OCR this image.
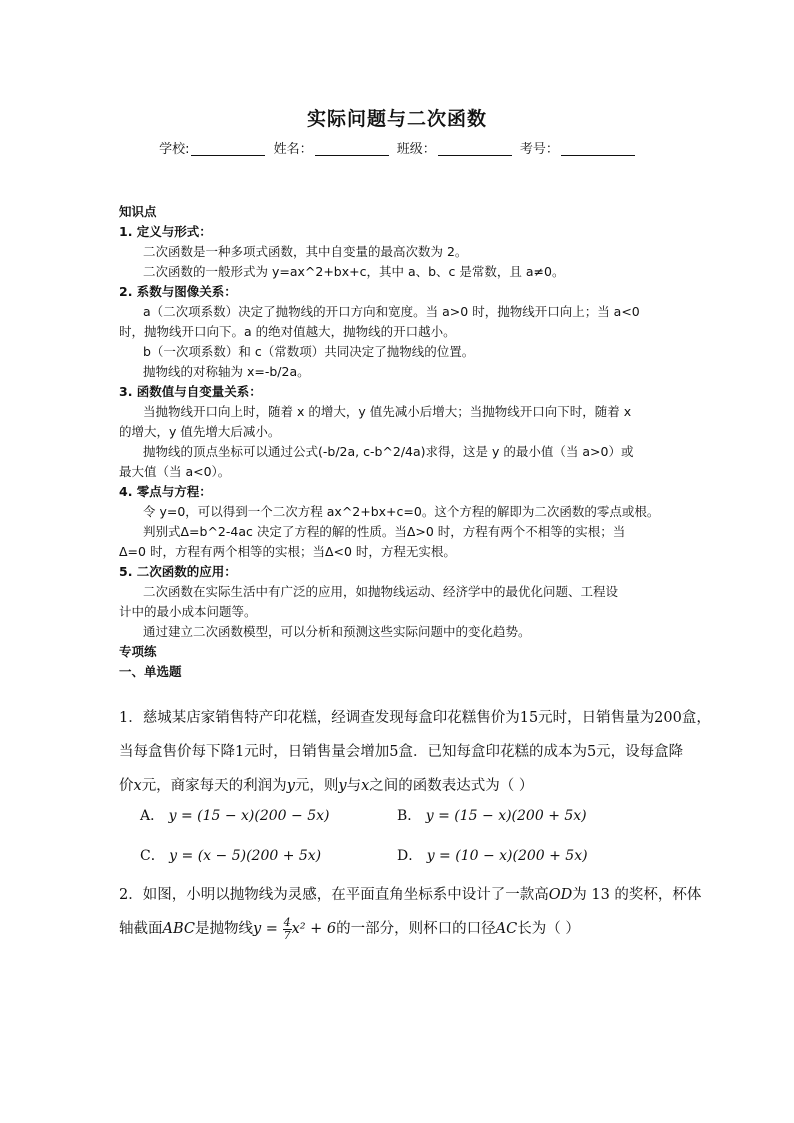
实际问题与二次函数
学校:	姓名：	班级：	考号：
知识点
1. 定义与形式：
二次函数是一种多项式函数，其中自变量的最高次数为 2。
二次函数的一般形式为 y=ax^2+bx+c，其中 a、b、c 是常数，且 a≠0。
2. 系数与图像关系：
a（二次项系数）决定了抛物线的开口方向和宽度。当 a>0 时，抛物线开口向上；当 a<0
时，抛物线开口向下。a 的绝对值越大，抛物线的开口越小。
b（一次项系数）和 c（常数项）共同决定了抛物线的位置。
抛物线的对称轴为 x=-b/2a。
3. 函数值与自变量关系：
当抛物线开口向上时，随着 x 的增大，y 值先减小后增大；当抛物线开口向下时，随着 x
的增大，y 值先增大后减小。
抛物线的顶点坐标可以通过公式(-b/2a, c-b^2/4a)求得，这是 y 的最小值（当 a>0）或
最大值（当 a<0）。
4. 零点与方程：
令 y=0，可以得到一个二次方程 ax^2+bx+c=0。这个方程的解即为二次函数的零点或根。
判别式Δ=b^2-4ac 决定了方程的解的性质。当Δ>0 时，方程有两个不相等的实根；当
Δ=0 时，方程有两个相等的实根；当Δ<0 时，方程无实根。
5. 二次函数的应用：
二次函数在实际生活中有广泛的应用，如抛物线运动、经济学中的最优化问题、工程设
计中的最小成本问题等。
通过建立二次函数模型，可以分析和预测这些实际问题中的变化趋势。
专项练
一、单选题
1．慈城某店家销售特产印花糕，经调查发现每盒印花糕售价为15元时，日销售量为200盒，
当每盒售价每下降1元时，日销售量会增加5盒．已知每盒印花糕的成本为5元，设每盒降
价x元，商家每天的利润为y元，则y与x之间的函数表达式为（ ）
A． y = (15 − x)(200 − 5x)	B． y = (15 − x)(200 + 5x)
C． y = (x − 5)(200 + 5x)	D． y = (10 − x)(200 + 5x)
2．如图，小明以抛物线为灵感，在平面直角坐标系中设计了一款高OD为 13 的奖杯，杯体
轴截面ABC是抛物线$y = \frac{4}{7} x^2 + 6$的一部分，则杯口的口径AC长为（ ）
